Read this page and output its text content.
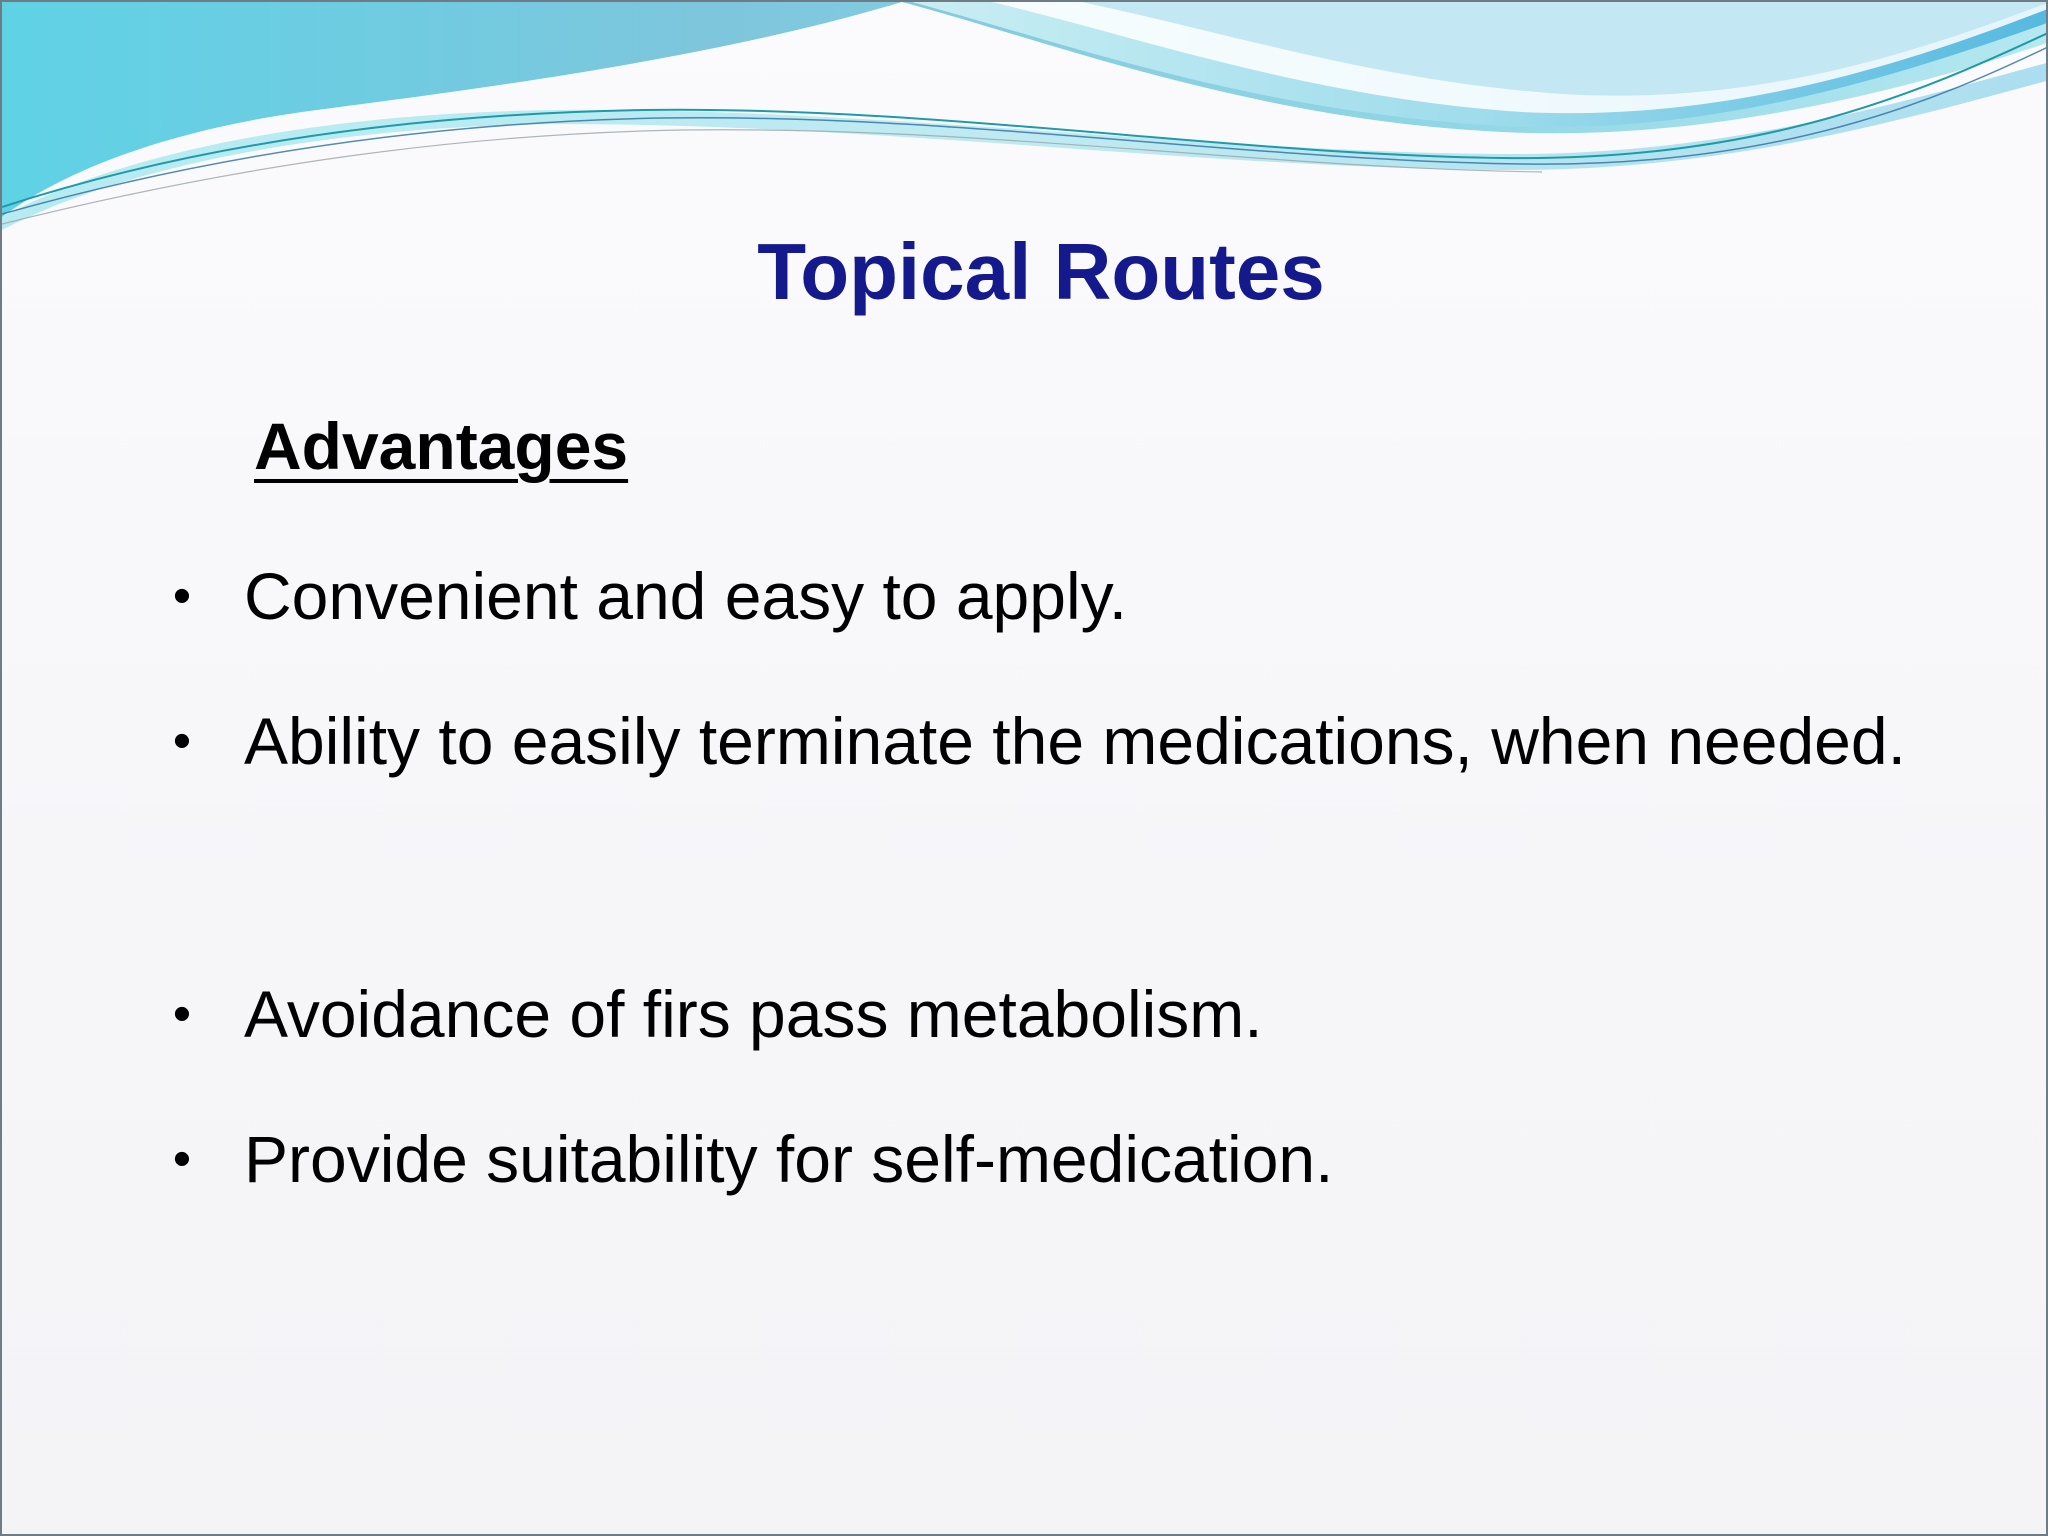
Topical Routes
Advantages
• Convenient and easy to apply.
• Ability to easily terminate the medications, when needed.
• Avoidance of firs pass metabolism.
• Provide suitability for self-medication.
